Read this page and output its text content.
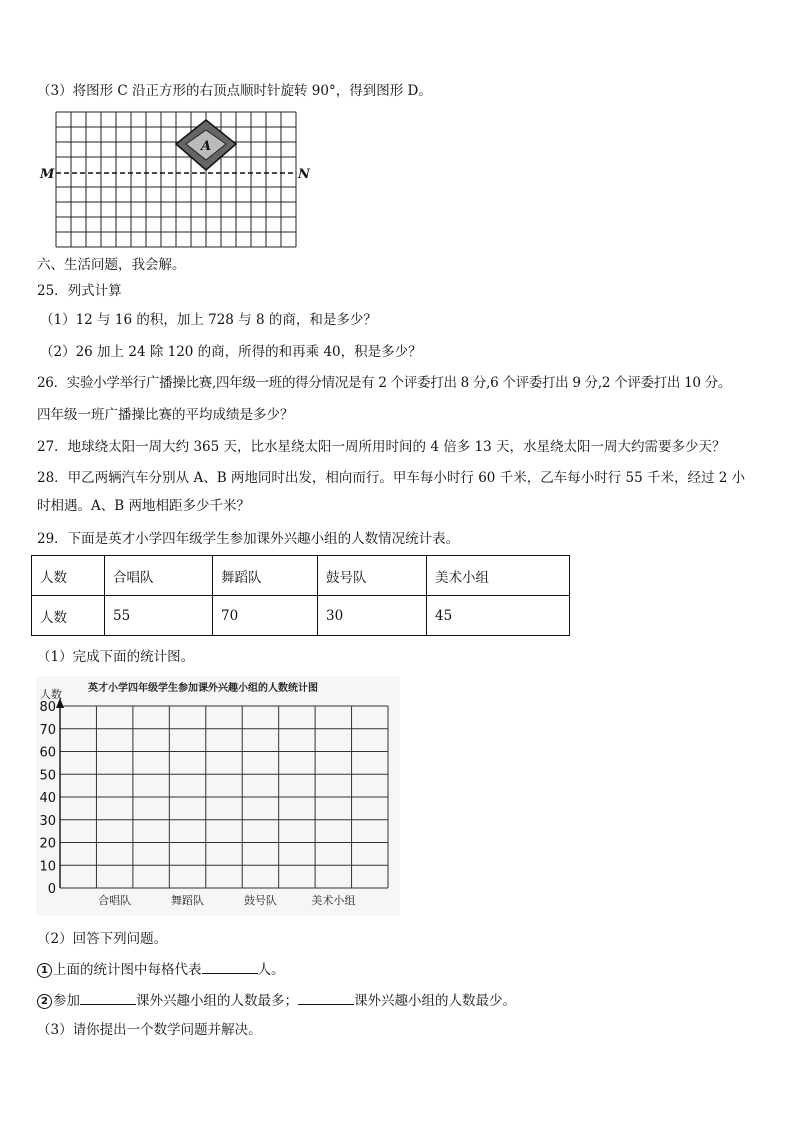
（3）将图形 C 沿正方形的右顶点顺时针旋转 90°，得到图形 D。
A
M	N
六、生活问题，我会解。
25．列式计算
（1）12 与 16 的积，加上 728 与 8 的商，和是多少？
（2）26 加上 24 除 120 的商，所得的和再乘 40，积是多少？
26．实验小学举行广播操比赛,四年级一班的得分情况是有 2 个评委打出 8 分,6 个评委打出 9 分,2 个评委打出 10 分。
四年级一班广播操比赛的平均成绩是多少？
27．地球绕太阳一周大约 365 天，比水星绕太阳一周所用时间的 4 倍多 13 天，水星绕太阳一周大约需要多少天？
28．甲乙两辆汽车分别从 A、B 两地同时出发，相向而行。甲车每小时行 60 千米，乙车每小时行 55 千米，经过 2 小
时相遇。A、B 两地相距多少千米？
29．下面是英才小学四年级学生参加课外兴趣小组的人数情况统计表。
人数	合唱队	舞蹈队	鼓号队	美术小组
人数	55	70	30	45
（1）完成下面的统计图。
英才小学四年级学生参加课外兴趣小组的人数统计图
人数
0
10
20
30
40
50
60
70
80
合唱队	舞蹈队	鼓号队	美术小组
（2）回答下列问题。
1 上面的统计图中每格代表	人。
2 参加	课外兴趣小组的人数最多；	课外兴趣小组的人数最少。
（3）请你提出一个数学问题并解决。
